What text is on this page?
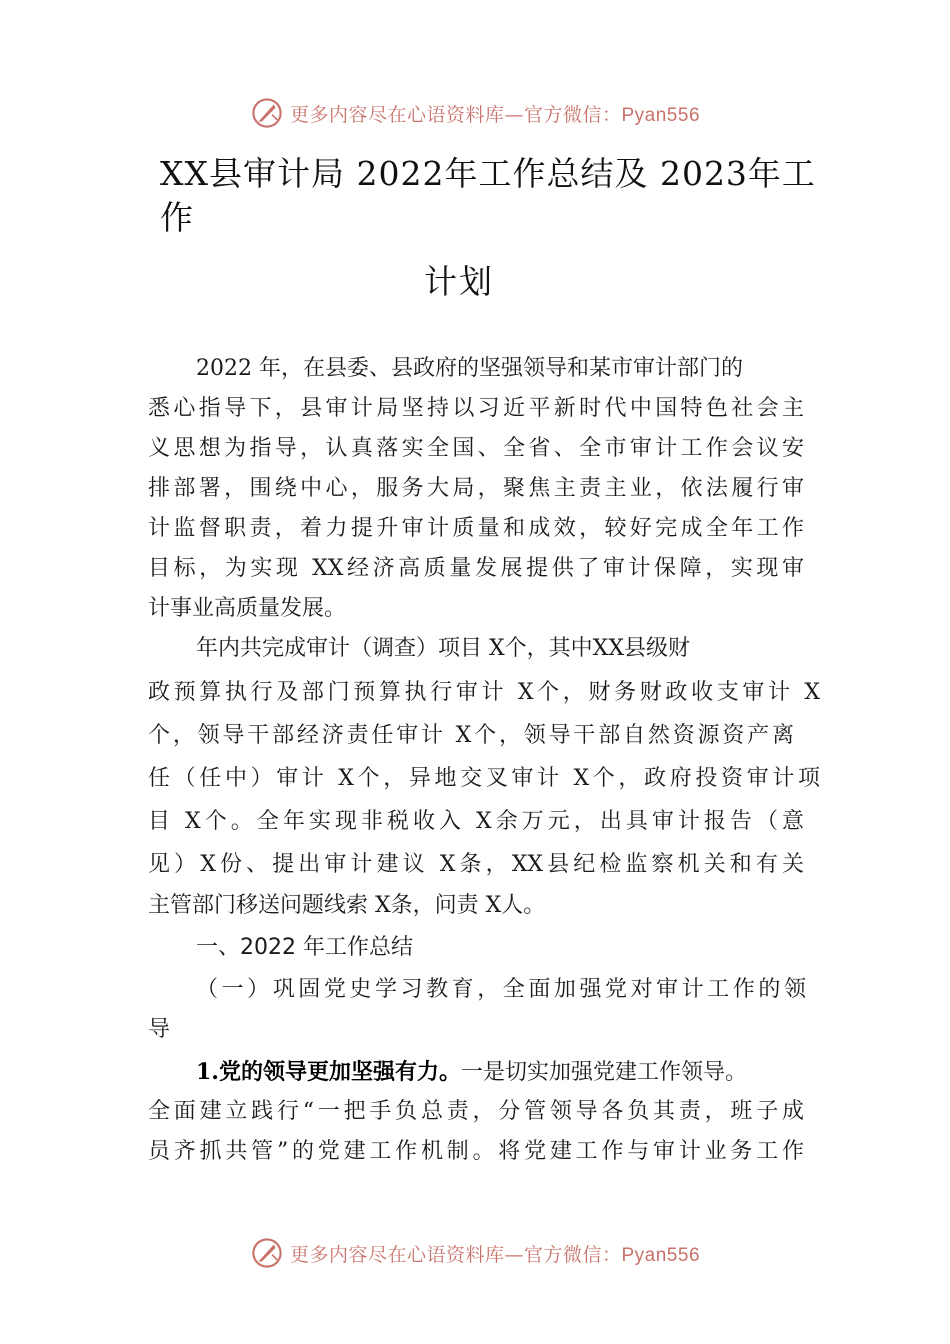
更多内容尽在心语资料库—官方微信：Pyan556
XX县审计局 2022年工作总结及 2023年工作
计划
2022 年，在县委、县政府的坚强领导和某市审计部门的
悉心指导下，县审计局坚持以习近平新时代中国特色社会主
义思想为指导，认真落实全国、全省、全市审计工作会议安
排部署，围绕中心，服务大局，聚焦主责主业，依法履行审
计监督职责，着力提升审计质量和成效，较好完成全年工作
目标，为实现 XX经济高质量发展提供了审计保障，实现审
计事业高质量发展。
年内共完成审计（调查）项目 X个，其中XX县级财
政预算执行及部门预算执行审计 X个，财务财政收支审计 X
个，领导干部经济责任审计 X个，领导干部自然资源资产离
任（任中）审计 X个，异地交叉审计 X个，政府投资审计项
目 X个。全年实现非税收入 X余万元，出具审计报告（意
见）X份、提出审计建议 X条，XX县纪检监察机关和有关
主管部门移送问题线索 X条，问责 X人。
一、2022 年工作总结
（一）巩固党史学习教育，全面加强党对审计工作的领
导
1.党的领导更加坚强有力。一是切实加强党建工作领导。
全面建立践行“一把手负总责，分管领导各负其责，班子成
员齐抓共管”的党建工作机制。将党建工作与审计业务工作
更多内容尽在心语资料库—官方微信：Pyan556
